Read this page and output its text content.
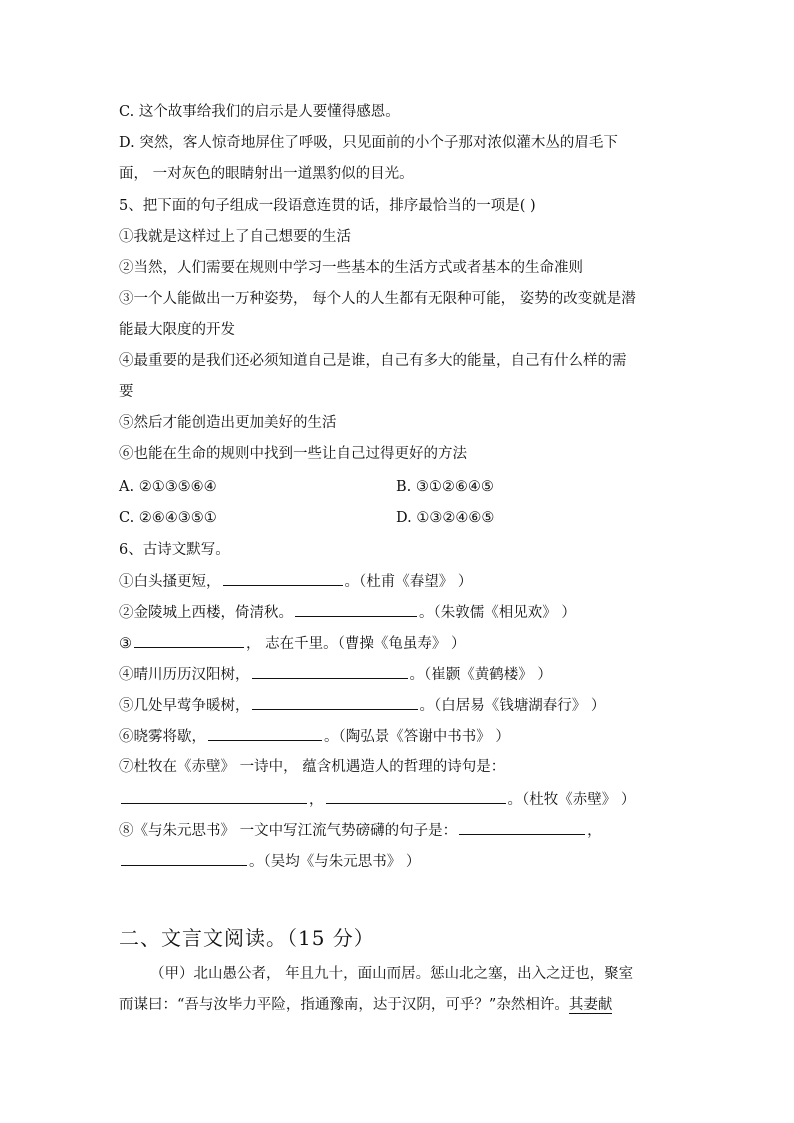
C. 这个故事给我们的启示是人要懂得感恩。
D. 突然，客人惊奇地屏住了呼吸，只见面前的小个子那对浓似灌木丛的眉毛下
面， 一对灰色的眼睛射出一道黑豹似的目光。
5、把下面的句子组成一段语意连贯的话，排序最恰当的一项是( )
①我就是这样过上了自己想要的生活
②当然，人们需要在规则中学习一些基本的生活方式或者基本的生命准则
③一个人能做出一万种姿势， 每个人的人生都有无限种可能， 姿势的改变就是潜
能最大限度的开发
④最重要的是我们还必须知道自己是谁，自己有多大的能量，自己有什么样的需
要
⑤然后才能创造出更加美好的生活
⑥也能在生命的规则中找到一些让自己过得更好的方法
A. ②①③⑤⑥④	B. ③①②⑥④⑤
C. ②⑥④③⑤①	D. ①③②④⑥⑤
6、古诗文默写。
①白头搔更短，	。（杜甫《春望》 ）
②金陵城上西楼，倚清秋。	。（朱敦儒《相见欢》 ）
③	， 志在千里。（曹操《龟虽寿》 ）
④晴川历历汉阳树，	。（崔颢《黄鹤楼》 ）
⑤几处早莺争暖树，	。（白居易《钱塘湖春行》 ）
⑥晓雾将歇，	。（陶弘景《答谢中书书》 ）
⑦杜牧在《赤壁》 一诗中， 蕴含机遇造人的哲理的诗句是：
，	。（杜牧《赤壁》 ）
⑧《与朱元思书》 一文中写江流气势磅礴的句子是：	，
。（吴均《与朱元思书》 ）
二、文言文阅读。（15 分）
（甲）北山愚公者， 年且九十，面山而居。惩山北之塞，出入之迂也，聚室
而谋曰：“吾与汝毕力平险，指通豫南，达于汉阴，可乎？”杂然相许。其妻献
